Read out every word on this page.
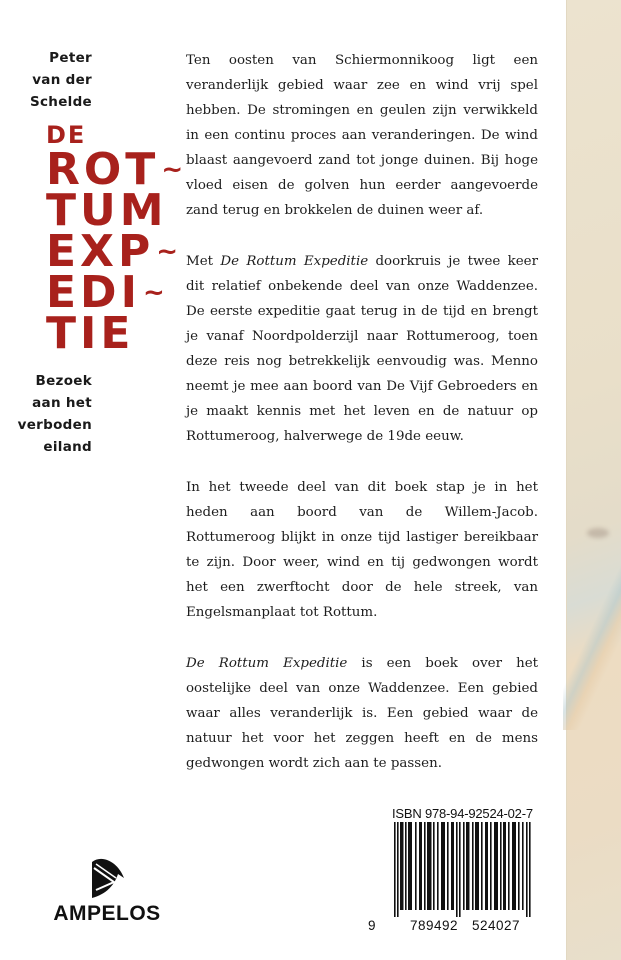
Peter
van der
Schelde
DE
ROT~
TUM
EXP~
EDI~
TIE
Bezoek
aan het
verboden
eiland

Ten oosten van Schiermonnikoog ligt een veranderlijk gebied waar zee en wind vrij spel hebben. De stromingen en geulen zijn verwikkeld in een continu proces aan veranderingen. De wind blaast aangevoerd zand tot jonge duinen. Bij hoge vloed eisen de golven hun eerder aangevoerde zand terug en brokkelen de duinen weer af.

Met De Rottum Expeditie doorkruis je twee keer dit relatief onbekende deel van onze Waddenzee. De eerste expeditie gaat terug in de tijd en brengt je vanaf Noordpolderzijl naar Rottumeroog, toen deze reis nog betrekkelijk eenvoudig was. Menno neemt je mee aan boord van De Vijf Gebroeders en je maakt kennis met het leven en de natuur op Rottumeroog, halverwege de 19de eeuw.

In het tweede deel van dit boek stap je in het heden aan boord van de Willem-Jacob. Rottumeroog blijkt in onze tijd lastiger bereikbaar te zijn. Door weer, wind en tij gedwongen wordt het een zwerftocht door de hele streek, van Engelsmanplaat tot Rottum.

De Rottum Expeditie is een boek over het oostelijke deel van onze Waddenzee. Een gebied waar alles veranderlijk is. Een gebied waar de natuur het voor het zeggen heeft en de mens gedwongen wordt zich aan te passen.

ISBN 978-94-92524-02-7
9	789492 524027
AMPELOS
